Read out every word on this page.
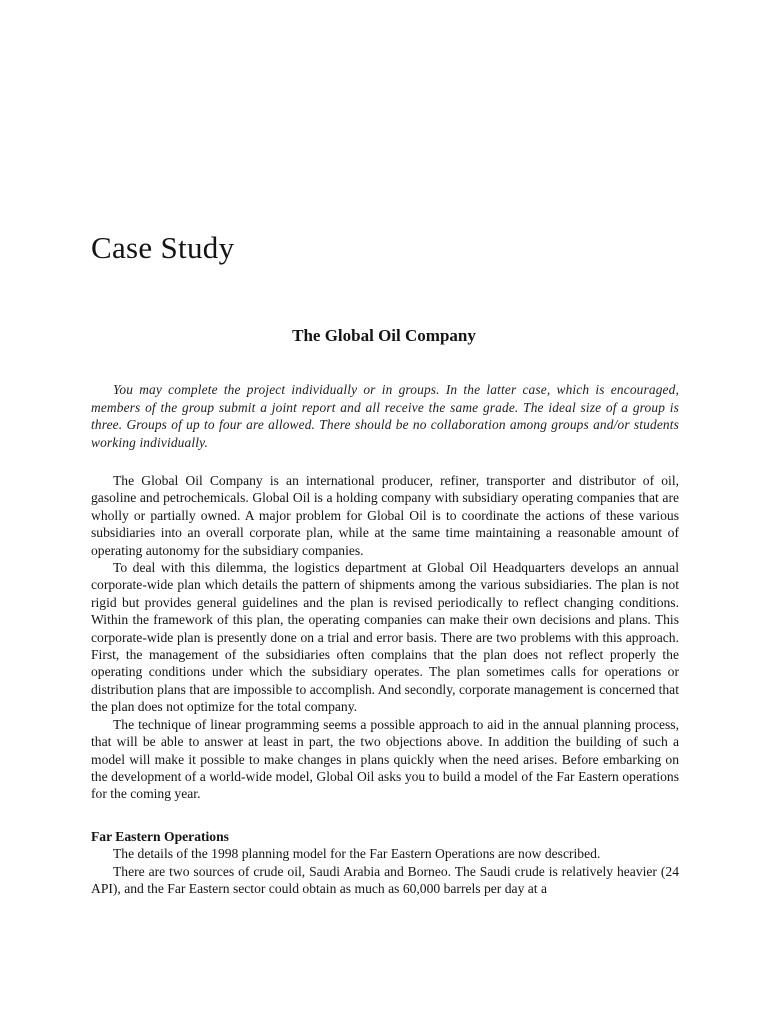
Case Study
The Global Oil Company

You may complete the project individually or in groups. In the latter case, which is encouraged, members of the group submit a joint report and all receive the same grade. The ideal size of a group is three. Groups of up to four are allowed. There should be no collaboration among groups and/or students working individually.

The Global Oil Company is an international producer, refiner, transporter and distributor of oil, gasoline and petrochemicals. Global Oil is a holding company with subsidiary operating companies that are wholly or partially owned. A major problem for Global Oil is to coordinate the actions of these various subsidiaries into an overall corporate plan, while at the same time maintaining a reasonable amount of operating autonomy for the subsidiary companies.

To deal with this dilemma, the logistics department at Global Oil Headquarters develops an annual corporate-wide plan which details the pattern of shipments among the various subsidiaries. The plan is not rigid but provides general guidelines and the plan is revised periodically to reflect changing conditions. Within the framework of this plan, the operating companies can make their own decisions and plans. This corporate-wide plan is presently done on a trial and error basis. There are two problems with this approach. First, the management of the subsidiaries often complains that the plan does not reflect properly the operating conditions under which the subsidiary operates. The plan sometimes calls for operations or distribution plans that are impossible to accomplish. And secondly, corporate management is concerned that the plan does not optimize for the total company.

The technique of linear programming seems a possible approach to aid in the annual planning process, that will be able to answer at least in part, the two objections above. In addition the building of such a model will make it possible to make changes in plans quickly when the need arises. Before embarking on the development of a world-wide model, Global Oil asks you to build a model of the Far Eastern operations for the coming year.

Far Eastern Operations

The details of the 1998 planning model for the Far Eastern Operations are now described.

There are two sources of crude oil, Saudi Arabia and Borneo. The Saudi crude is relatively heavier (24 API), and the Far Eastern sector could obtain as much as 60,000 barrels per day at a
